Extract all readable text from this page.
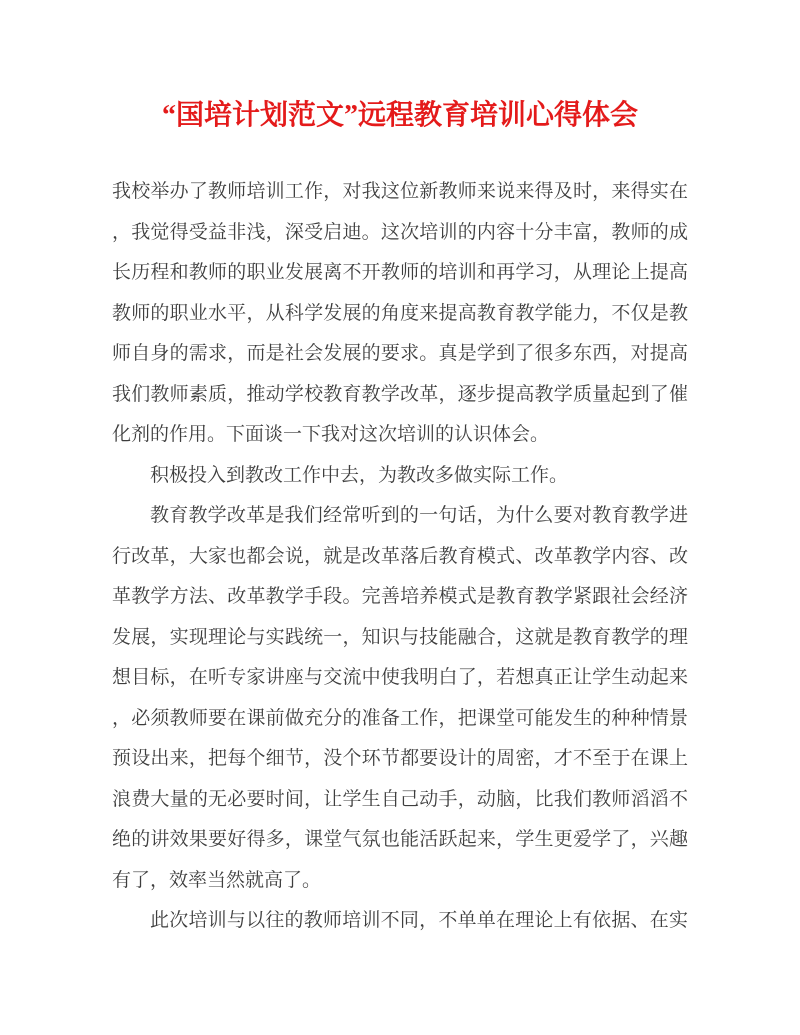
“国培计划范文”远程教育培训心得体会
我校举办了教师培训工作，对我这位新教师来说来得及时，来得实在
，我觉得受益非浅，深受启迪。这次培训的内容十分丰富，教师的成
长历程和教师的职业发展离不开教师的培训和再学习，从理论上提高
教师的职业水平，从科学发展的角度来提高教育教学能力，不仅是教
师自身的需求，而是社会发展的要求。真是学到了很多东西，对提高
我们教师素质，推动学校教育教学改革，逐步提高教学质量起到了催
化剂的作用。下面谈一下我对这次培训的认识体会。
积极投入到教改工作中去，为教改多做实际工作。
教育教学改革是我们经常听到的一句话，为什么要对教育教学进
行改革，大家也都会说，就是改革落后教育模式、改革教学内容、改
革教学方法、改革教学手段。完善培养模式是教育教学紧跟社会经济
发展，实现理论与实践统一，知识与技能融合，这就是教育教学的理
想目标，在听专家讲座与交流中使我明白了，若想真正让学生动起来
，必须教师要在课前做充分的准备工作，把课堂可能发生的种种情景
预设出来，把每个细节，没个环节都要设计的周密，才不至于在课上
浪费大量的无必要时间，让学生自己动手，动脑，比我们教师滔滔不
绝的讲效果要好得多，课堂气氛也能活跃起来，学生更爱学了，兴趣
有了，效率当然就高了。
此次培训与以往的教师培训不同，不单单在理论上有依据、在实
